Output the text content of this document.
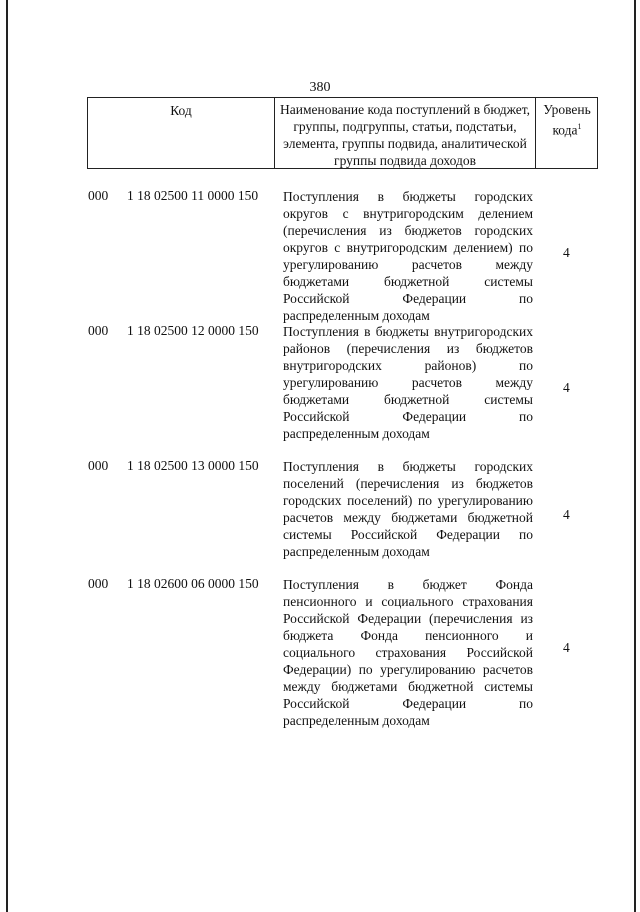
380
Код	Наименование кода поступлений в бюджет, группы, подгруппы, статьи, подстатьи, элемента, группы подвида, аналитической группы подвида доходов
Уровень кода$^1$
000 1 18 02500 11 0000 150 Поступления в бюджеты городских округов с внутригородским делением (перечисления из бюджетов городских округов с внутригородским делением) по урегулированию расчетов между бюджетами бюджетной системы Российской Федерации по распределенным доходам
4
000 1 18 02500 12 0000 150 Поступления в бюджеты внутригородских районов (перечисления из бюджетов внутригородских районов) по урегулированию расчетов между бюджетами бюджетной системы Российской Федерации по распределенным доходам
4
000 1 18 02500 13 0000 150 Поступления в бюджеты городских поселений (перечисления из бюджетов городских поселений) по урегулированию расчетов между бюджетами бюджетной системы Российской Федерации по распределенным доходам
4
000 1 18 02600 06 0000 150 Поступления в бюджет Фонда пенсионного и социального страхования Российской Федерации (перечисления из бюджета Фонда пенсионного и социального страхования Российской Федерации) по урегулированию расчетов между бюджетами бюджетной системы Российской Федерации по распределенным доходам
4
